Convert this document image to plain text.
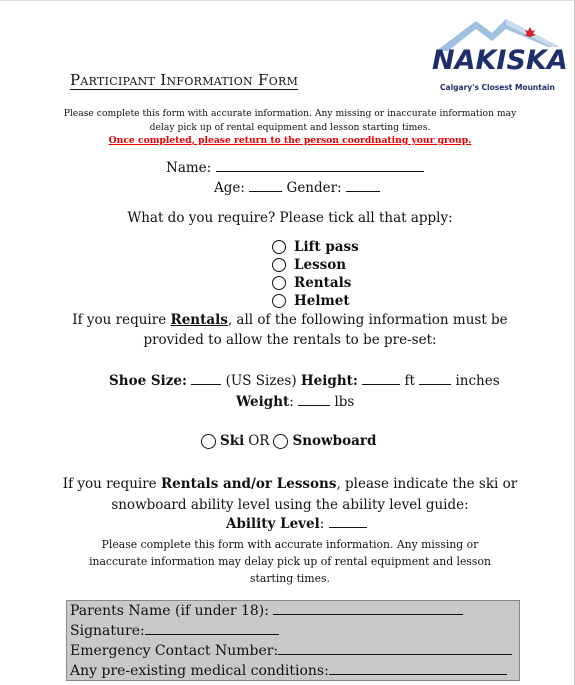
NAKISKA
Calgary's Closest Mountain
Participant Information Form
Please complete this form with accurate information. Any missing or inaccurate information may
delay pick up of rental equipment and lesson starting times.
Once completed, please return to the person coordinating your group.
Name:
Age:	Gender:
What do you require? Please tick all that apply:
Lift pass
Lesson
Rentals
Helmet
If you require Rentals, all of the following information must be
provided to allow the rentals to be pre-set:
Shoe Size:	(US Sizes) Height:	ft	inches
Weight:	lbs
Ski OR Snowboard
If you require Rentals and/or Lessons, please indicate the ski or
snowboard ability level using the ability level guide:
Ability Level:
Please complete this form with accurate information. Any missing or
inaccurate information may delay pick up of rental equipment and lesson
starting times.
Parents Name (if under 18):
Signature:
Emergency Contact Number:
Any pre-existing medical conditions:
